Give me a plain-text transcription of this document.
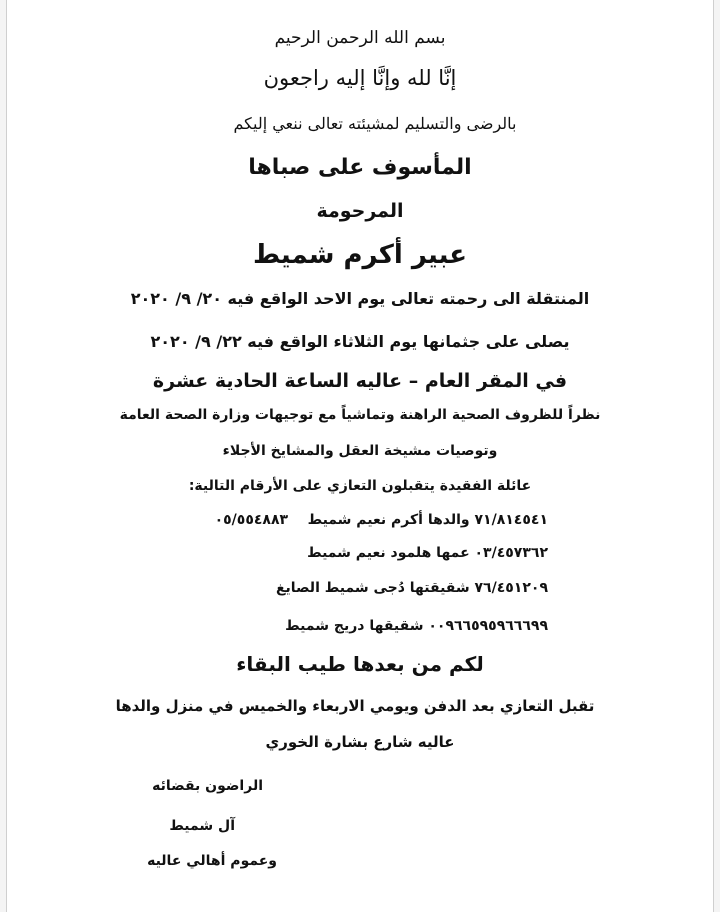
بسم الله الرحمن الرحيم
إنَّا لله وإنَّا إليه راجعون
بالرضى والتسليم لمشيئته تعالى ننعي إليكم
المأسوف على صباها
المرحومة
عبير أكرم شميط
المنتقلة الى رحمته تعالى يوم الاحد الواقع فيه ٢٠/ ٩/ ٢٠٢٠
يصلى على جثمانها يوم الثلاثاء الواقع فيه ٢٢/ ٩/ ٢٠٢٠
في المقر العام – عاليه الساعة الحادية عشرة
نظراً للظروف الصحية الراهنة وتماشياً مع توجيهات وزارة الصحة العامة
وتوصيات مشيخة العقل والمشايخ الأجلاء
عائلة الفقيدة يتقبلون التعازي على الأرقام التالية:
٧١/٨١٤٥٤١ والدها أكرم نعيم شميط    ٠٥/٥٥٤٨٨٣
٠٣/٤٥٧٣٦٢ عمها هلمود نعيم شميط
٧٦/٤٥١٢٠٩ شقيقتها دُجى شميط الصايغ
٠٠٩٦٦٥٩٥٩٦٦٦٩٩ شقيقها دريج شميط
لكم من بعدها طيب البقاء
تقبل التعازي بعد الدفن ويومي الاربعاء والخميس في منزل والدها
عاليه شارع بشارة الخوري
الراضون بقضائه
آل شميط
وعموم أهالي عاليه
